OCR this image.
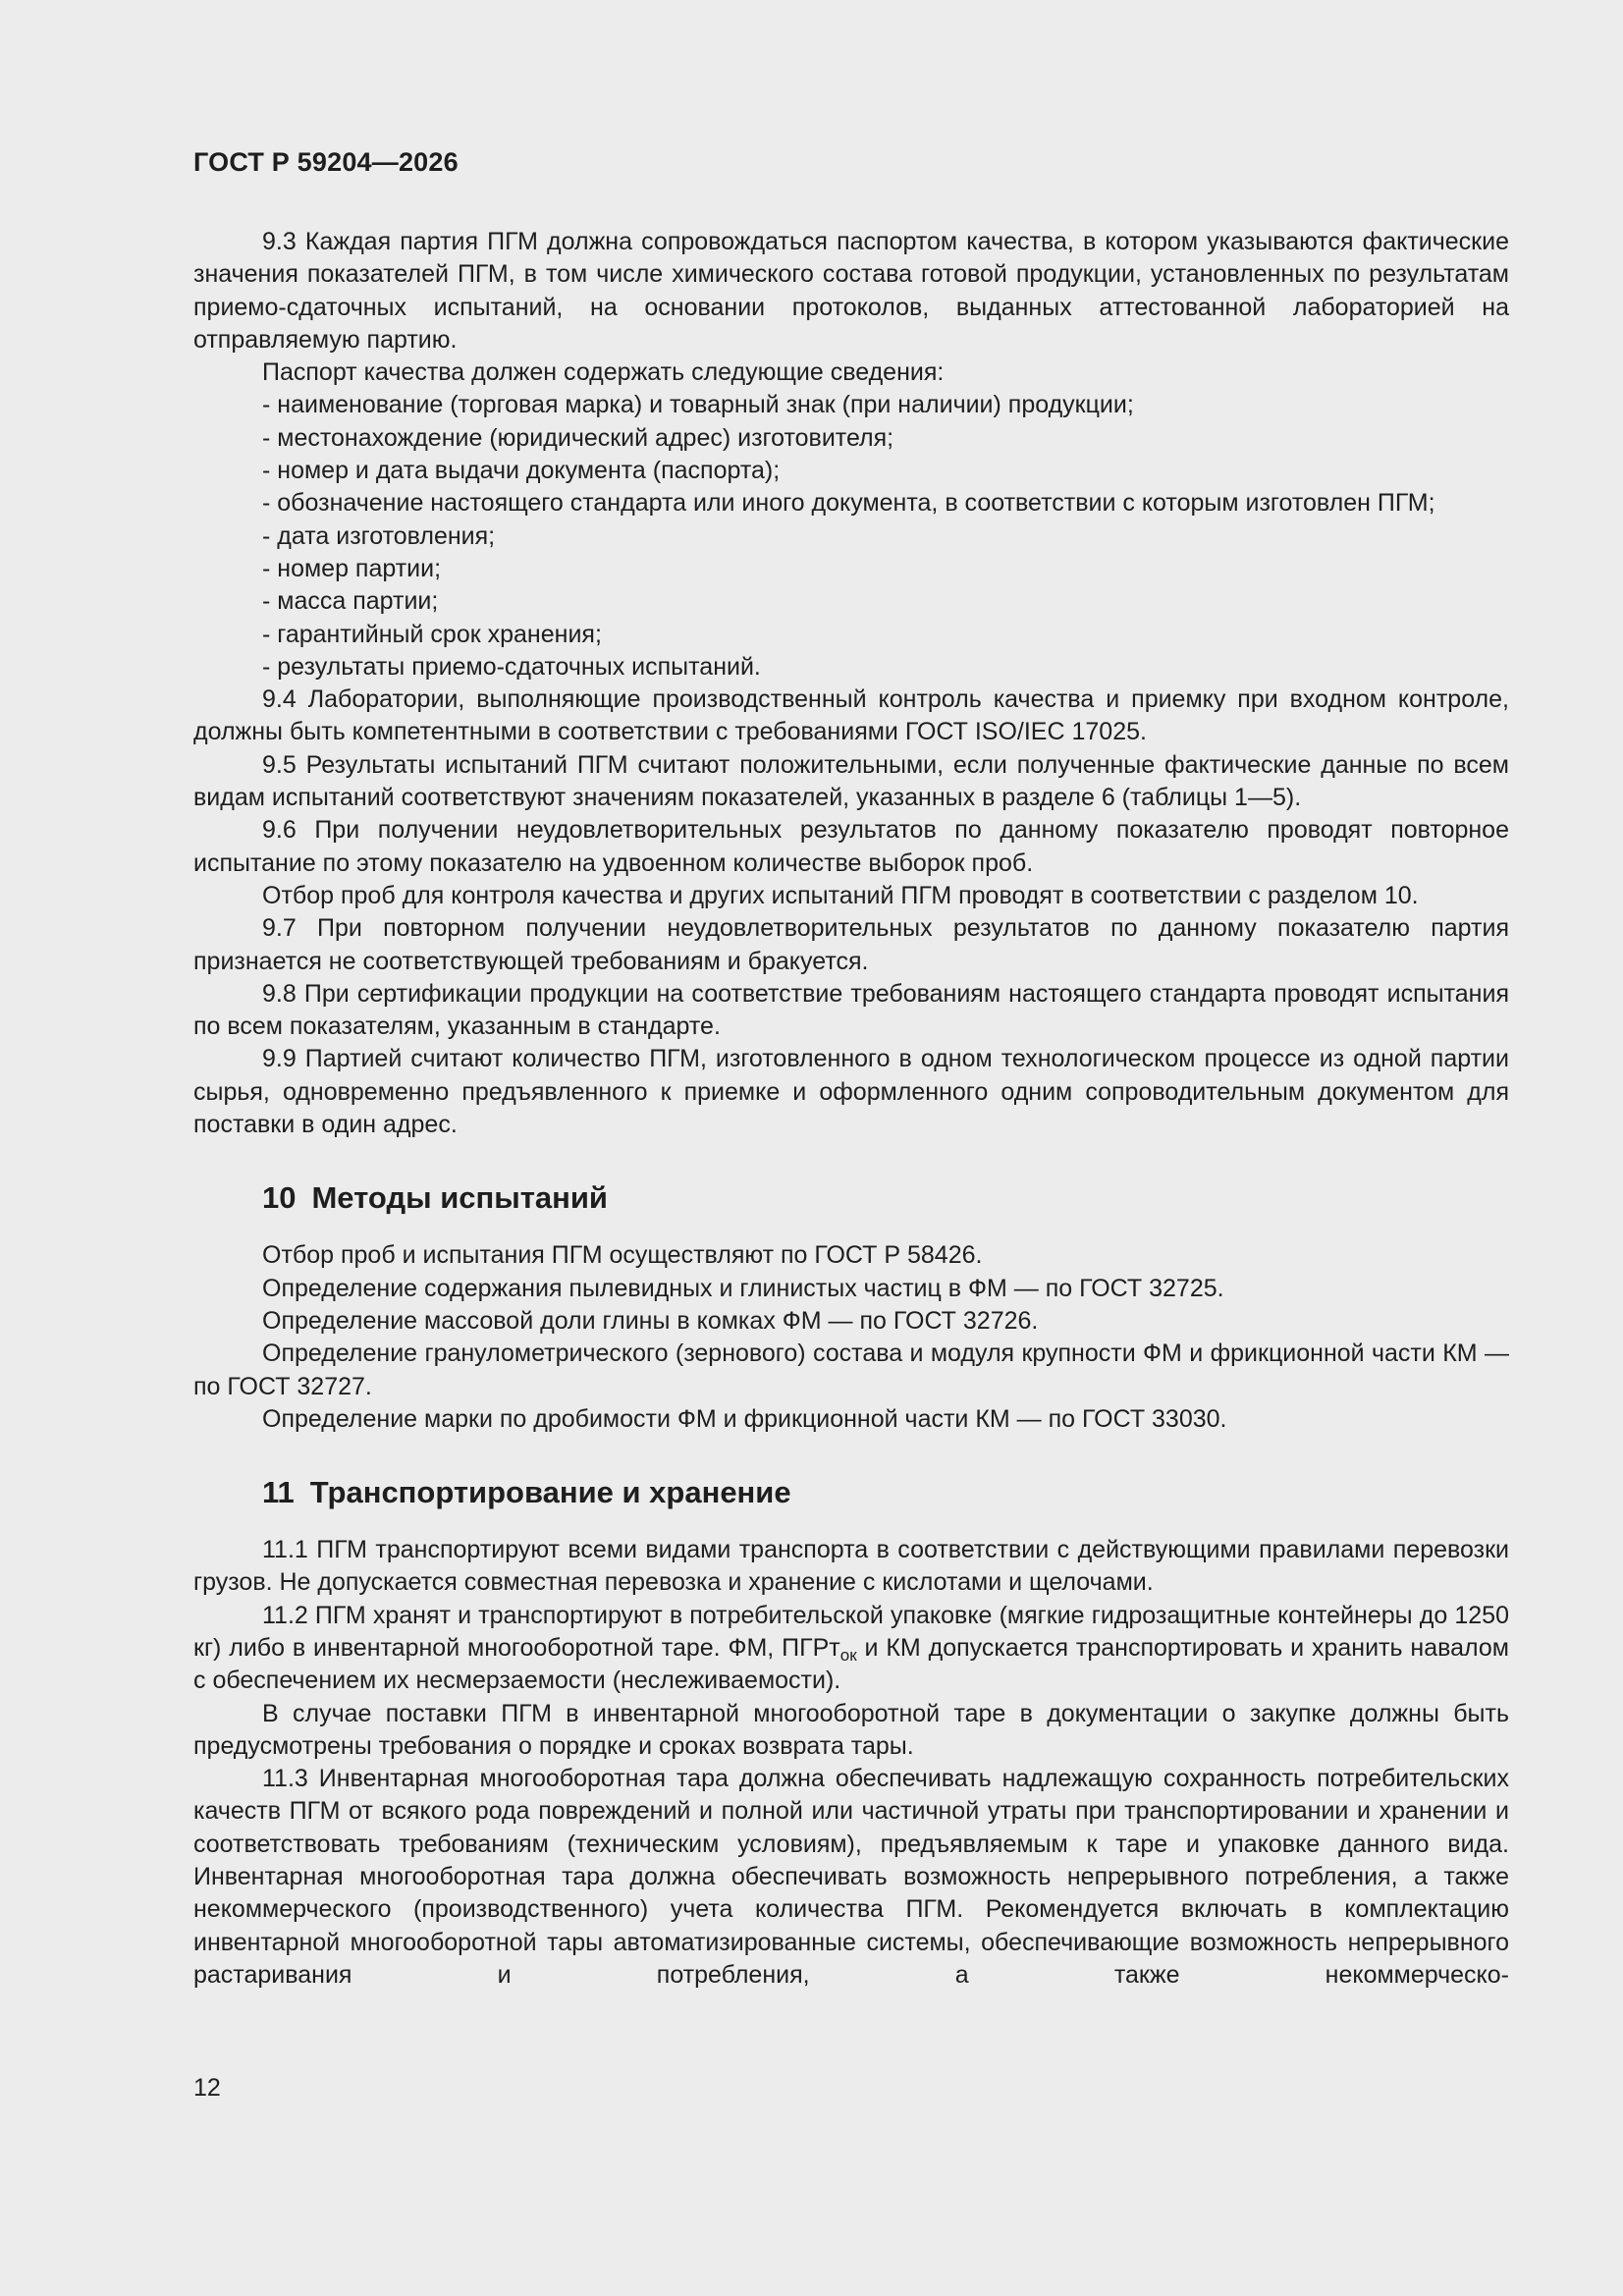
ГОСТ Р 59204—2026

9.3 Каждая партия ПГМ должна сопровождаться паспортом качества, в котором указываются фактические значения показателей ПГМ, в том числе химического состава готовой продукции, установленных по результатам приемо-сдаточных испытаний, на основании протоколов, выданных аттестованной лабораторией на отправляемую партию.

Паспорт качества должен содержать следующие сведения:

- наименование (торговая марка) и товарный знак (при наличии) продукции;

- местонахождение (юридический адрес) изготовителя;

- номер и дата выдачи документа (паспорта);

- обозначение настоящего стандарта или иного документа, в соответствии с которым изготовлен ПГМ;

- дата изготовления;

- номер партии;

- масса партии;

- гарантийный срок хранения;

- результаты приемо-сдаточных испытаний.

9.4 Лаборатории, выполняющие производственный контроль качества и приемку при входном контроле, должны быть компетентными в соответствии с требованиями ГОСТ ISO/IEC 17025.

9.5 Результаты испытаний ПГМ считают положительными, если полученные фактические данные по всем видам испытаний соответствуют значениям показателей, указанных в разделе 6 (таблицы 1—5).

9.6 При получении неудовлетворительных результатов по данному показателю проводят повторное испытание по этому показателю на удвоенном количестве выборок проб.

Отбор проб для контроля качества и других испытаний ПГМ проводят в соответствии с разделом 10.

9.7 При повторном получении неудовлетворительных результатов по данному показателю партия признается не соответствующей требованиям и бракуется.

9.8 При сертификации продукции на соответствие требованиям настоящего стандарта проводят испытания по всем показателям, указанным в стандарте.

9.9 Партией считают количество ПГМ, изготовленного в одном технологическом процессе из одной партии сырья, одновременно предъявленного к приемке и оформленного одним сопроводительным документом для поставки в один адрес.

10 Методы испытаний

Отбор проб и испытания ПГМ осуществляют по ГОСТ Р 58426.

Определение содержания пылевидных и глинистых частиц в ФМ — по ГОСТ 32725.

Определение массовой доли глины в комках ФМ — по ГОСТ 32726.

Определение гранулометрического (зернового) состава и модуля крупности ФМ и фрикционной части КМ — по ГОСТ 32727.

Определение марки по дробимости ФМ и фрикционной части КМ — по ГОСТ 33030.

11 Транспортирование и хранение

11.1 ПГМ транспортируют всеми видами транспорта в соответствии с действующими правилами перевозки грузов. Не допускается совместная перевозка и хранение с кислотами и щелочами.

11.2 ПГМ хранят и транспортируют в потребительской упаковке (мягкие гидрозащитные контейнеры до 1250 кг) либо в инвентарной многооборотной таре. ФМ, ПГРт$_{ок}$ и КМ допускается транспортировать и хранить навалом с обеспечением их несмерзаемости (неслеживаемости).

В случае поставки ПГМ в инвентарной многооборотной таре в документации о закупке должны быть предусмотрены требования о порядке и сроках возврата тары.

11.3 Инвентарная многооборотная тара должна обеспечивать надлежащую сохранность потребительских качеств ПГМ от всякого рода повреждений и полной или частичной утраты при транспортировании и хранении и соответствовать требованиям (техническим условиям), предъявляемым к таре и упаковке данного вида. Инвентарная многооборотная тара должна обеспечивать возможность непрерывного потребления, а также некоммерческого (производственного) учета количества ПГМ. Рекомендуется включать в комплектацию инвентарной многооборотной тары автоматизированные системы, обеспечивающие возможность непрерывного растаривания и потребления, а также некоммерческо-

12
